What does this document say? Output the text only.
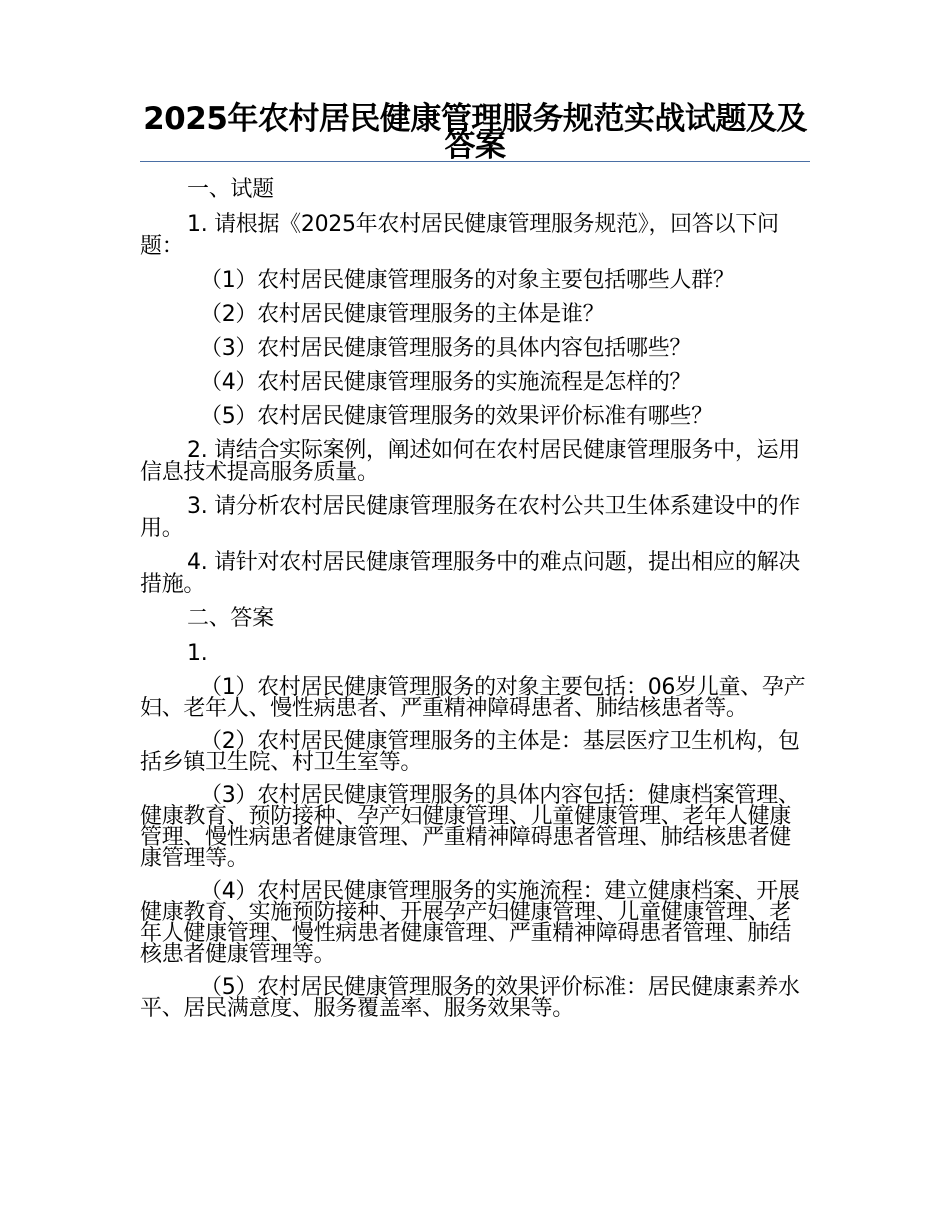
2025年农村居民健康管理服务规范实战试题及及答案

一、试题

1. 请根据《2025年农村居民健康管理服务规范》，回答以下问题：

（1）农村居民健康管理服务的对象主要包括哪些人群？

（2）农村居民健康管理服务的主体是谁？

（3）农村居民健康管理服务的具体内容包括哪些？

（4）农村居民健康管理服务的实施流程是怎样的？

（5）农村居民健康管理服务的效果评价标准有哪些？

2. 请结合实际案例，阐述如何在农村居民健康管理服务中，运用信息技术提高服务质量。

3. 请分析农村居民健康管理服务在农村公共卫生体系建设中的作用。

4. 请针对农村居民健康管理服务中的难点问题，提出相应的解决措施。

二、答案

1.

（1）农村居民健康管理服务的对象主要包括：06岁儿童、孕产妇、老年人、慢性病患者、严重精神障碍患者、肺结核患者等。

（2）农村居民健康管理服务的主体是：基层医疗卫生机构，包括乡镇卫生院、村卫生室等。

（3）农村居民健康管理服务的具体内容包括：健康档案管理、健康教育、预防接种、孕产妇健康管理、儿童健康管理、老年人健康管理、慢性病患者健康管理、严重精神障碍患者管理、肺结核患者健康管理等。

（4）农村居民健康管理服务的实施流程：建立健康档案、开展健康教育、实施预防接种、开展孕产妇健康管理、儿童健康管理、老年人健康管理、慢性病患者健康管理、严重精神障碍患者管理、肺结核患者健康管理等。

（5）农村居民健康管理服务的效果评价标准：居民健康素养水平、居民满意度、服务覆盖率、服务效果等。
